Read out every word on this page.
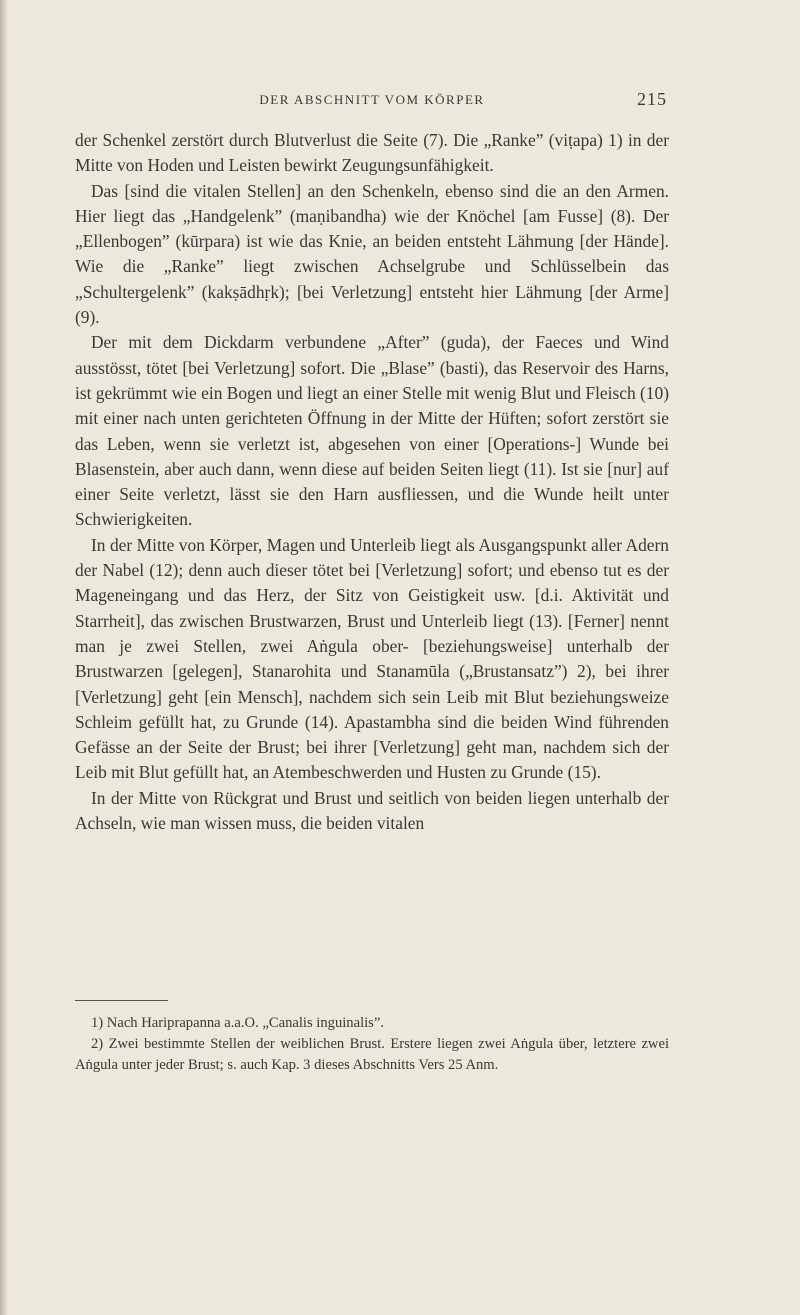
DER ABSCHNITT VOM KÖRPER	215

der Schenkel zerstört durch Blutverlust die Seite (7). Die „Ranke” (viṭapa) 1) in der Mitte von Hoden und Leisten bewirkt Zeugungsunfähigkeit.

Das [sind die vitalen Stellen] an den Schenkeln, ebenso sind die an den Armen. Hier liegt das „Handgelenk” (maṇibandha) wie der Knöchel [am Fusse] (8). Der „Ellenbogen” (kūrpara) ist wie das Knie, an beiden entsteht Lähmung [der Hände]. Wie die „Ranke” liegt zwischen Achselgrube und Schlüsselbein das „Schultergelenk” (kakṣādhṛk); [bei Verletzung] entsteht hier Lähmung [der Arme] (9).

Der mit dem Dickdarm verbundene „After” (guda), der Faeces und Wind ausstösst, tötet [bei Verletzung] sofort. Die „Blase” (basti), das Reservoir des Harns, ist gekrümmt wie ein Bogen und liegt an einer Stelle mit wenig Blut und Fleisch (10) mit einer nach unten gerichteten Öffnung in der Mitte der Hüften; sofort zerstört sie das Leben, wenn sie verletzt ist, abgesehen von einer [Operations-] Wunde bei Blasenstein, aber auch dann, wenn diese auf beiden Seiten liegt (11). Ist sie [nur] auf einer Seite verletzt, lässt sie den Harn ausfliessen, und die Wunde heilt unter Schwierigkeiten.

In der Mitte von Körper, Magen und Unterleib liegt als Ausgangspunkt aller Adern der Nabel (12); denn auch dieser tötet bei [Verletzung] sofort; und ebenso tut es der Mageneingang und das Herz, der Sitz von Geistigkeit usw. [d.i. Aktivität und Starrheit], das zwischen Brustwarzen, Brust und Unterleib liegt (13). [Ferner] nennt man je zwei Stellen, zwei Aṅgula ober- [beziehungsweise] unterhalb der Brustwarzen [gelegen], Stanarohita und Stanamūla („Brustansatz”) 2), bei ihrer [Verletzung] geht [ein Mensch], nachdem sich sein Leib mit Blut beziehungsweize Schleim gefüllt hat, zu Grunde (14). Apastambha sind die beiden Wind führenden Gefässe an der Seite der Brust; bei ihrer [Verletzung] geht man, nachdem sich der Leib mit Blut gefüllt hat, an Atembeschwerden und Husten zu Grunde (15).

In der Mitte von Rückgrat und Brust und seitlich von beiden liegen unterhalb der Achseln, wie man wissen muss, die beiden vitalen

1) Nach Hariprapanna a.a.O. „Canalis inguinalis”.

2) Zwei bestimmte Stellen der weiblichen Brust. Erstere liegen zwei Aṅgula über, letztere zwei Aṅgula unter jeder Brust; s. auch Kap. 3 dieses Abschnitts Vers 25 Anm.
